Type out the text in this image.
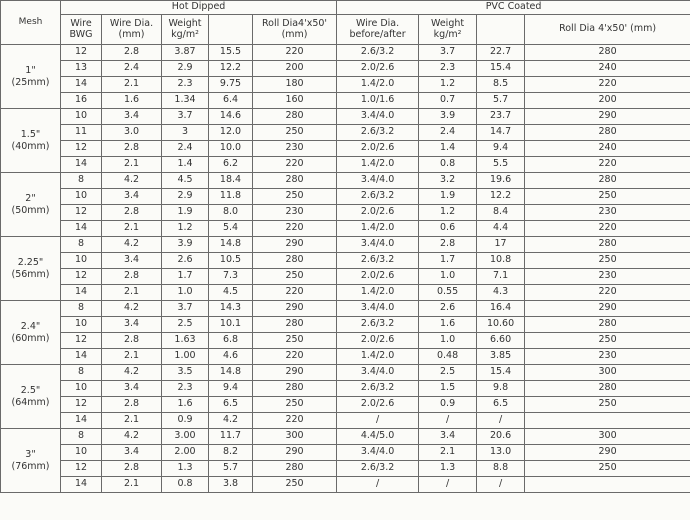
Mesh	Hot Dipped					PVC Coated			
	Wire BWG	Wire Dia. (mm)	Weight kg/m²		Roll Dia4'x50' (mm)	Wire Dia. before/after	Weight kg/m²		Roll Dia 4'x50' (mm)

1"
(25mm)	12	2.8	3.87	15.5	220	2.6/3.2	3.7	22.7	280
	13	2.4	2.9	12.2	200	2.0/2.6	2.3	15.4	240
	14	2.1	2.3	9.75	180	1.4/2.0	1.2	8.5	220
	16	1.6	1.34	6.4	160	1.0/1.6	0.7	5.7	200

1.5"
(40mm)	10	3.4	3.7	14.6	280	3.4/4.0	3.9	23.7	290
	11	3.0	3	12.0	250	2.6/3.2	2.4	14.7	280
	12	2.8	2.4	10.0	230	2.0/2.6	1.4	9.4	240
	14	2.1	1.4	6.2	220	1.4/2.0	0.8	5.5	220

2"
(50mm)	8	4.2	4.5	18.4	280	3.4/4.0	3.2	19.6	280
	10	3.4	2.9	11.8	250	2.6/3.2	1.9	12.2	250
	12	2.8	1.9	8.0	230	2.0/2.6	1.2	8.4	230
	14	2.1	1.2	5.4	220	1.4/2.0	0.6	4.4	220

2.25"
(56mm)	8	4.2	3.9	14.8	290	3.4/4.0	2.8	17	280
	10	3.4	2.6	10.5	280	2.6/3.2	1.7	10.8	250
	12	2.8	1.7	7.3	250	2.0/2.6	1.0	7.1	230
	14	2.1	1.0	4.5	220	1.4/2.0	0.55	4.3	220

2.4"
(60mm)	8	4.2	3.7	14.3	290	3.4/4.0	2.6	16.4	290
	10	3.4	2.5	10.1	280	2.6/3.2	1.6	10.60	280
	12	2.8	1.63	6.8	250	2.0/2.6	1.0	6.60	250
	14	2.1	1.00	4.6	220	1.4/2.0	0.48	3.85	230

2.5"
(64mm)	8	4.2	3.5	14.8	290	3.4/4.0	2.5	15.4	300
	10	3.4	2.3	9.4	280	2.6/3.2	1.5	9.8	280
	12	2.8	1.6	6.5	250	2.0/2.6	0.9	6.5	250
	14	2.1	0.9	4.2	220	/	/	/	

3"
(76mm)	8	4.2	3.00	11.7	300	4.4/5.0	3.4	20.6	300
	10	3.4	2.00	8.2	290	3.4/4.0	2.1	13.0	290
	12	2.8	1.3	5.7	280	2.6/3.2	1.3	8.8	250
	14	2.1	0.8	3.8	250	/	/	/	
